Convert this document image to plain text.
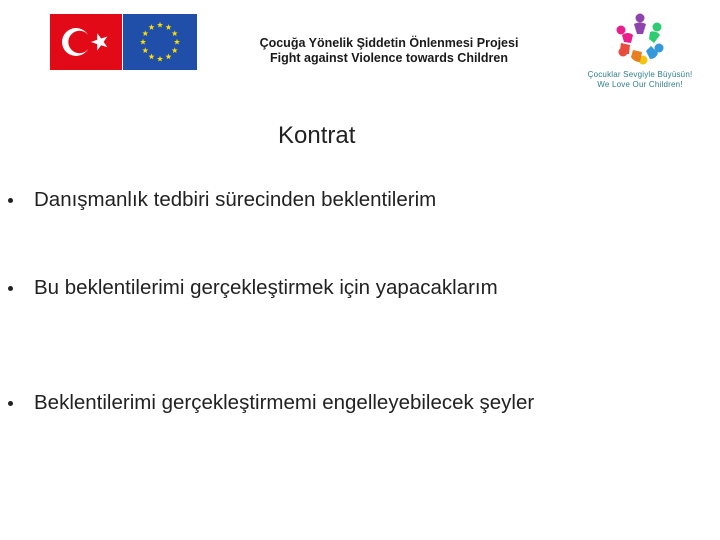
Çocuğa Yönelik Şiddetin Önlenmesi Projesi
Fight against Violence towards Children
Çocuklar Sevgiyle Büyüsün!
We Love Our Children!
Kontrat
Danışmanlık tedbiri sürecinden beklentilerim
Bu beklentilerimi gerçekleştirmek için yapacaklarım
Beklentilerimi gerçekleştirmemi engelleyebilecek şeyler
